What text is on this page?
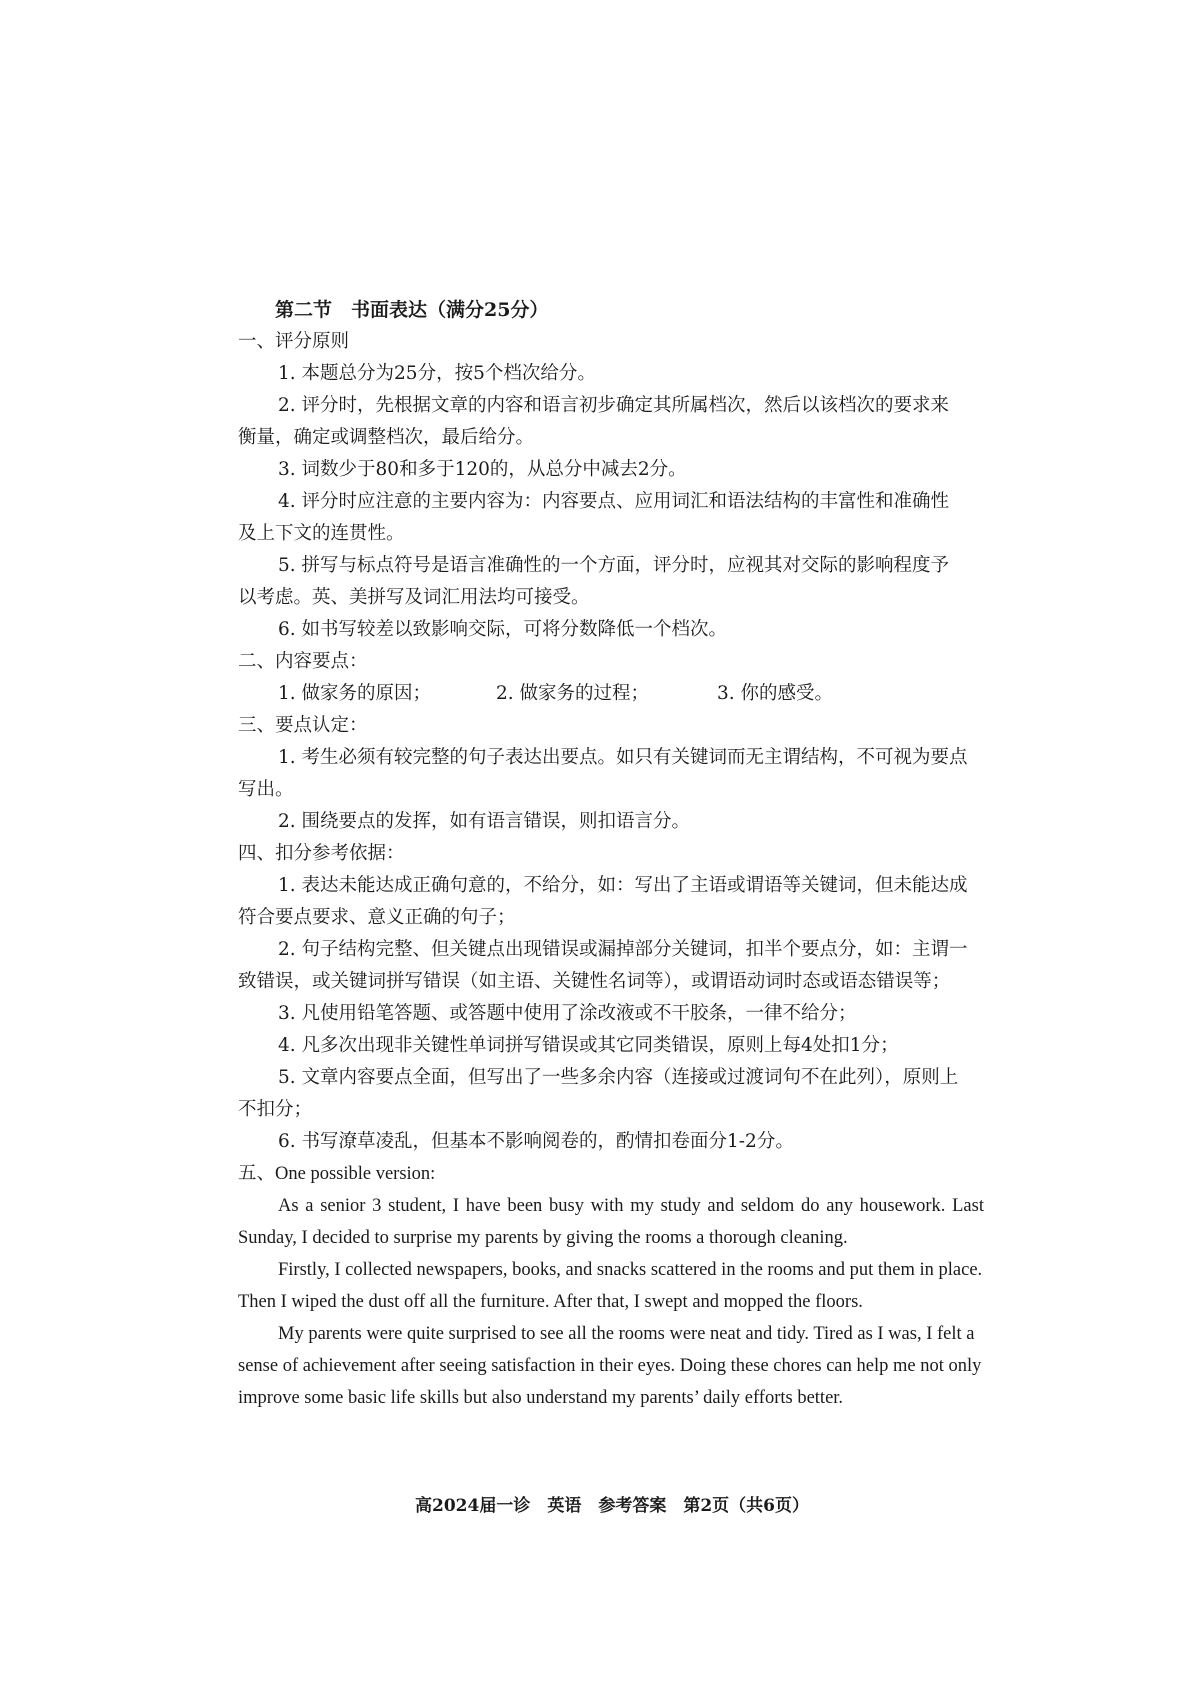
第二节　书面表达（满分25分）
一、评分原则
1. 本题总分为25分，按5个档次给分。
2. 评分时，先根据文章的内容和语言初步确定其所属档次，然后以该档次的要求来
衡量，确定或调整档次，最后给分。
3. 词数少于80和多于120的，从总分中减去2分。
4. 评分时应注意的主要内容为：内容要点、应用词汇和语法结构的丰富性和准确性
及上下文的连贯性。
5. 拼写与标点符号是语言准确性的一个方面，评分时，应视其对交际的影响程度予
以考虑。英、美拼写及词汇用法均可接受。
6. 如书写较差以致影响交际，可将分数降低一个档次。
二、内容要点：
1. 做家务的原因；	2. 做家务的过程；	3. 你的感受。
三、要点认定：
1. 考生必须有较完整的句子表达出要点。如只有关键词而无主谓结构，不可视为要点
写出。
2. 围绕要点的发挥，如有语言错误，则扣语言分。
四、扣分参考依据：
1. 表达未能达成正确句意的，不给分，如：写出了主语或谓语等关键词，但未能达成
符合要点要求、意义正确的句子；
2. 句子结构完整、但关键点出现错误或漏掉部分关键词，扣半个要点分，如：主谓一
致错误，或关键词拼写错误（如主语、关键性名词等），或谓语动词时态或语态错误等；
3. 凡使用铅笔答题、或答题中使用了涂改液或不干胶条，一律不给分；
4. 凡多次出现非关键性单词拼写错误或其它同类错误，原则上每4处扣1分；
5. 文章内容要点全面，但写出了一些多余内容（连接或过渡词句不在此列），原则上
不扣分；
6. 书写潦草凌乱，但基本不影响阅卷的，酌情扣卷面分1-2分。
五、One possible version:
As a senior 3 student, I have been busy with my study and seldom do any housework. Last
Sunday, I decided to surprise my parents by giving the rooms a thorough cleaning.
Firstly, I collected newspapers, books, and snacks scattered in the rooms and put them in place.
Then I wiped the dust off all the furniture. After that, I swept and mopped the floors.
My parents were quite surprised to see all the rooms were neat and tidy. Tired as I was, I felt a
sense of achievement after seeing satisfaction in their eyes. Doing these chores can help me not only
improve some basic life skills but also understand my parents’ daily efforts better.
高2024届一诊　英语　参考答案　第2页（共6页）
